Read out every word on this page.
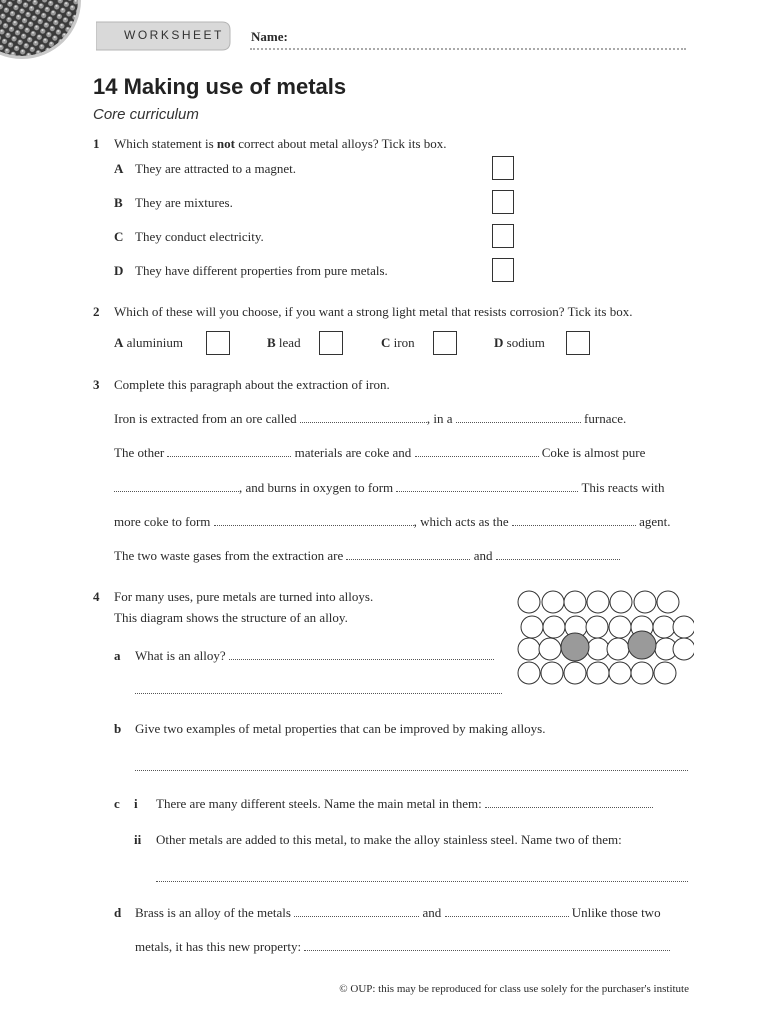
WORKSHEET Name:
14 Making use of metals
Core curriculum
1 Which statement is not correct about metal alloys? Tick its box.
A They are attracted to a magnet.
B They are mixtures.
C They conduct electricity.
D They have different properties from pure metals.
2 Which of these will you choose, if you want a strong light metal that resists corrosion? Tick its box.
A aluminium	B lead	C iron	D sodium
3 Complete this paragraph about the extraction of iron.
Iron is extracted from an ore called	, in a	furnace.
The other	materials are coke and	Coke is almost pure
, and burns in oxygen to form	This reacts with
more coke to form	, which acts as the	agent.
The two waste gases from the extraction are	and
4 For many uses, pure metals are turned into alloys.
This diagram shows the structure of an alloy.
a What is an alloy?
b Give two examples of metal properties that can be improved by making alloys.
c i There are many different steels. Name the main metal in them:
ii Other metals are added to this metal, to make the alloy stainless steel. Name two of them:
d Brass is an alloy of the metals	and	Unlike those two
metals, it has this new property:
© OUP: this may be reproduced for class use solely for the purchaser's institute
